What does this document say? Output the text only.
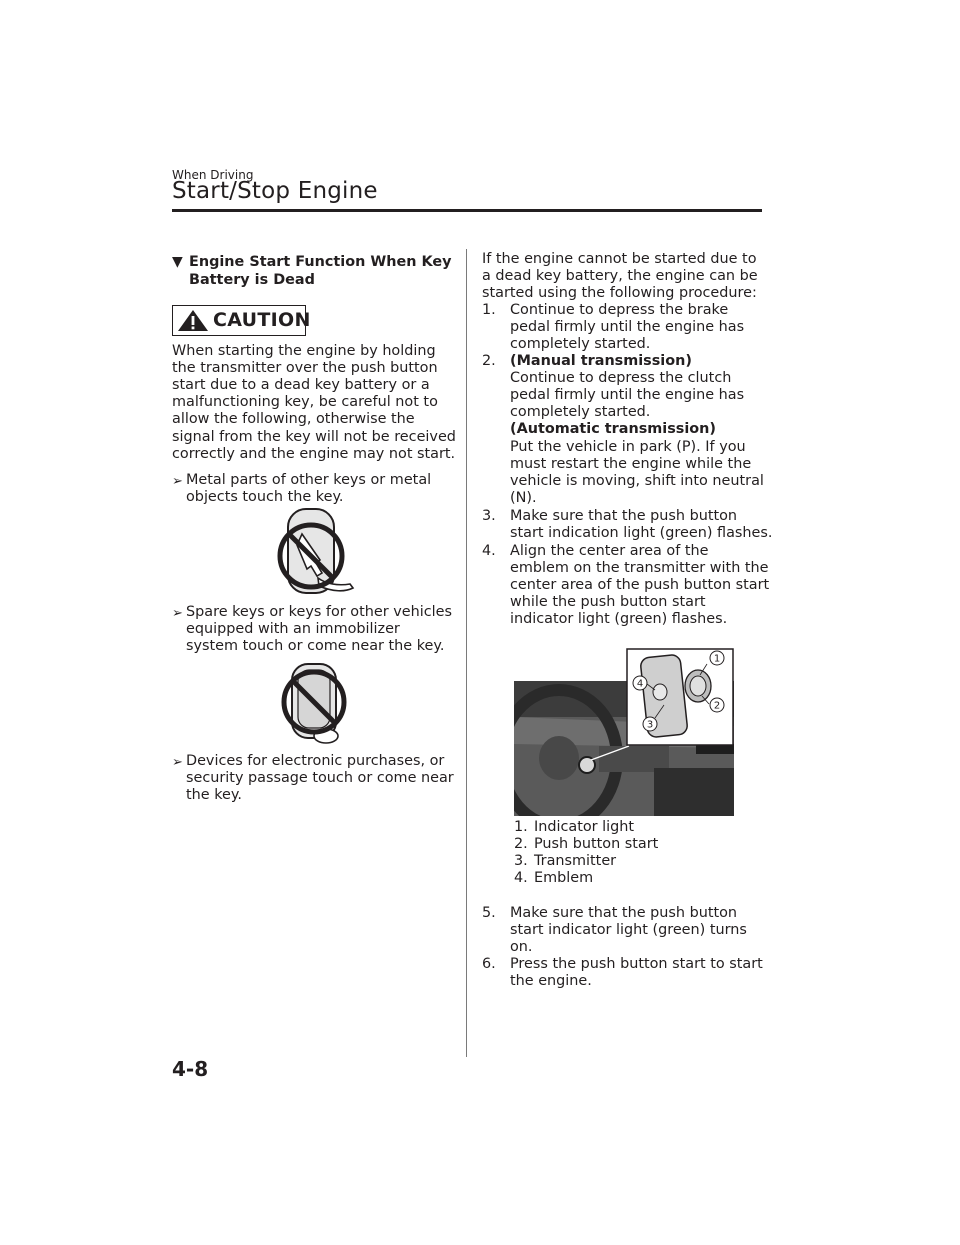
When Driving
Start/Stop Engine
▼ Engine Start Function When Key
Battery is Dead
CAUTION
When starting the engine by holding
the transmitter over the push button
start due to a dead key battery or a
malfunctioning key, be careful not to
allow the following, otherwise the
signal from the key will not be received
correctly and the engine may not start.
➢ Metal parts of other keys or metal
objects touch the key.
➢ Spare keys or keys for other vehicles
equipped with an immobilizer
system touch or come near the key.
➢ Devices for electronic purchases, or
security passage touch or come near
the key.
If the engine cannot be started due to
a dead key battery, the engine can be
started using the following procedure:
1. Continue to depress the brake
pedal firmly until the engine has
completely started.
2. (Manual transmission)
Continue to depress the clutch
pedal firmly until the engine has
completely started.
(Automatic transmission)
Put the vehicle in park (P). If you
must restart the engine while the
vehicle is moving, shift into neutral
(N).
3. Make sure that the push button
start indication light (green) flashes.
4. Align the center area of the
emblem on the transmitter with the
center area of the push button start
while the push button start
indicator light (green) flashes.
1
2
3
4
1. Indicator light
2. Push button start
3. Transmitter
4. Emblem
5. Make sure that the push button
start indicator light (green) turns
on.
6. Press the push button start to start
the engine.
4-8
